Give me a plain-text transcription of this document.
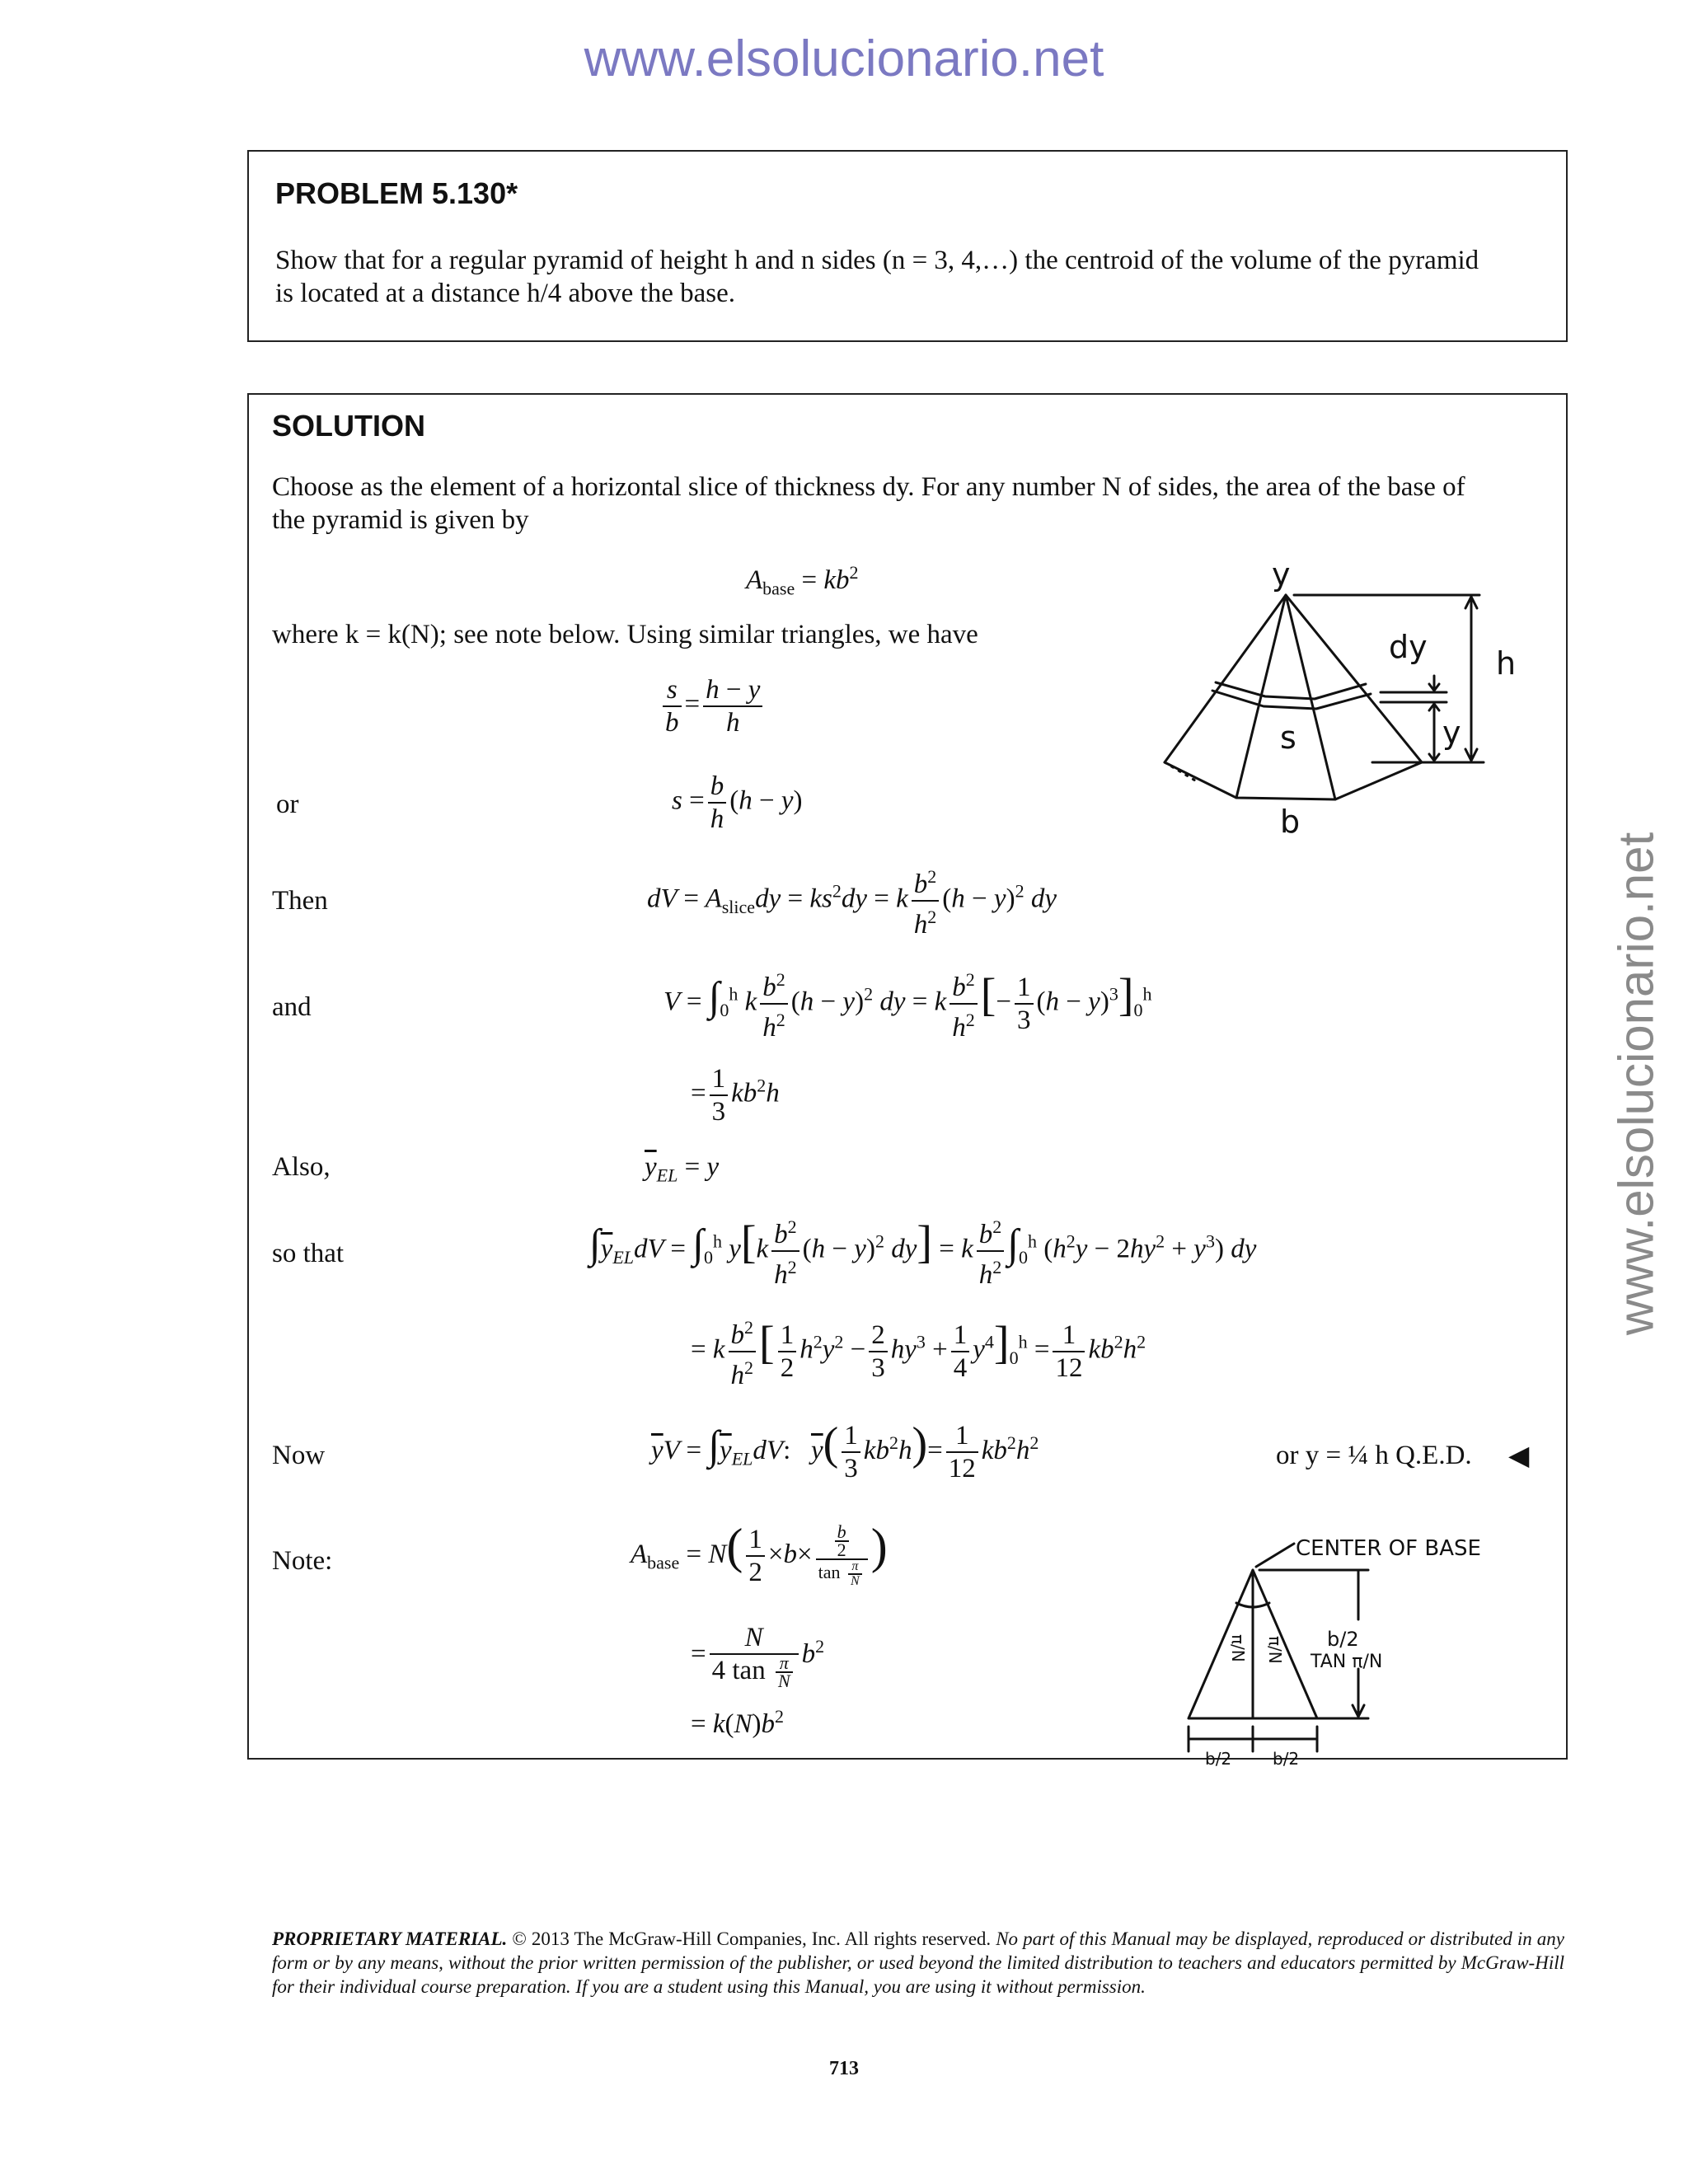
www.elsolucionario.net
www.elsolucionario.net
PROBLEM 5.130*
Show that for a regular pyramid of height h and n sides (n = 3, 4,…) the centroid of the volume of the pyramid
is located at a distance h/4 above the base.
SOLUTION
Choose as the element of a horizontal slice of thickness dy. For any number N of sides, the area of the base of
the pyramid is given by
$A_{base} = kb^2$
where k = k(N); see note below. Using similar triangles, we have
$\frac{s}{b} = \frac{h - y}{h}$
or	$s = \frac{b}{h} (h - y)$
Then	dV = $A_{slice}dy = ks^2dy = k \frac{b^2}{h^2} (h - y)^2$ dy
and	$V = \int_0^h$ k $\frac{b^2}{h^2} (h - y)^2$ dy = k $\frac{b^2}{h^2}$ [− $\frac{1}{3} (h - y)^3]_0^h$
= $\frac{1}{3} kb^2h$
Also,	$\overline{y}_{EL} = y$
so that	$\int\overline{y}_{EL}dV = \int_0^h$ $y[k \frac{b^2}{h^2} (h - y)^2$ dy] = k $\frac{b^2}{h^2} \int_0^h$ $(h^2y - 2hy^2 + y^3)$ dy
= k $\frac{b^2}{h^2}$ [ $\frac{1}{2} h^2y^2 - \frac{2}{3} hy^3 + \frac{1}{4} y^4]_0^h = \frac{1}{12} kb^2h^2$
Now	$\overline{y}V = \int\overline{y}_{EL}dV$: $\overline{y}( \frac{1}{3} kb^2h)= \frac{1}{12} kb^2h^2$	or y = ¼ h Q.E.D. ◀
Note:	$A_{base} = N( \frac{1}{2} \times b\times \frac{\frac{b}{2}}{\tan \frac{\pi}{N}}$ )
= $\frac{N}{4 \tan \frac{\pi}{N}} b^2$
= $k(N)b^2$
y
dy h
y
s
b
CENTER OF BASE
b/2
TAN π/N
π/N π/N
b/2 b/2
PROPRIETARY MATERIAL. © 2013 The McGraw-Hill Companies, Inc. All rights reserved. No part of this Manual may be displayed, reproduced or distributed in any form or by any means, without the prior written permission of the publisher, or used beyond the limited distribution to teachers and educators permitted by McGraw-Hill for their individual course preparation. If you are a student using this Manual, you are using it without permission.
713
